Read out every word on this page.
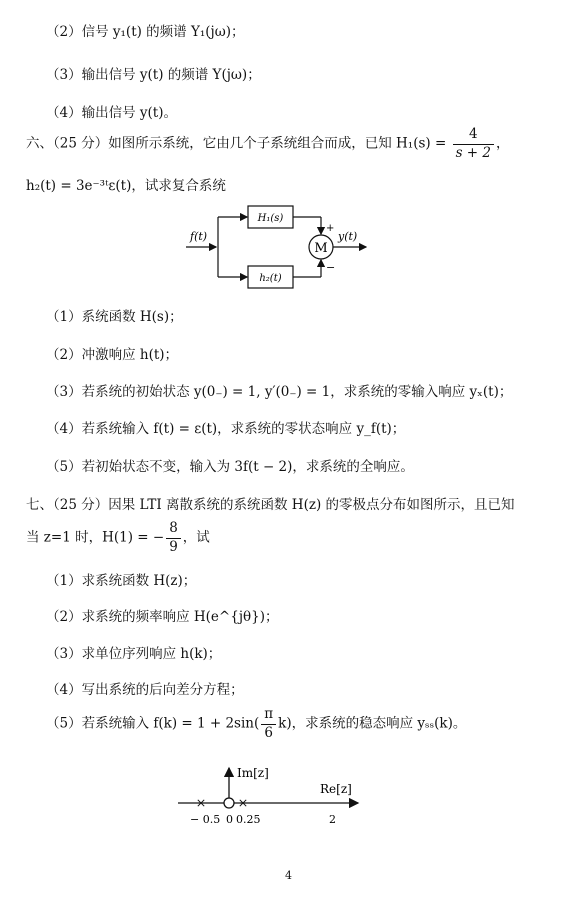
（2）信号 y₁(t) 的频谱 Y₁(jω)；
（3）输出信号 y(t) 的频谱 Y(jω)；
（4）输出信号 y(t)。
六、（25 分）如图所示系统，它由几个子系统组合而成，已知 $H_1(s) = \frac{4}{s + 2}$ ，
h₂(t) = 3e⁻³ᵗε(t)，试求复合系统
f(t)
H₁(s)
h₂(t)
M
+
−
y(t)
（1）系统函数 H(s)；
（2）冲激响应 h(t)；
（3）若系统的初始状态 y(0₋) = 1, y′(0₋) = 1，求系统的零输入响应 yₓ(t)；
（4）若系统输入 f(t) = ε(t)，求系统的零状态响应 y_f(t)；
（5）若初始状态不变，输入为 3f(t − 2)，求系统的全响应。
七、（25 分）因果 LTI 离散系统的系统函数 H(z) 的零极点分布如图所示，且已知
当 z=1 时，H(1) = − $\frac{8}{9}$ ，试
（1）求系统函数 H(z)；
（2）求系统的频率响应 H(e^{jθ})；
（3）求单位序列响应 h(k)；
（4）写出系统的后向差分方程；
（5）若系统输入 $f(k) = 1 + 2\sin( \frac{\pi}{6} k)$，求系统的稳态响应 yₛₛ(k)。
Im[z]
Re[z]
− 0.5 0 0.25	2
4
